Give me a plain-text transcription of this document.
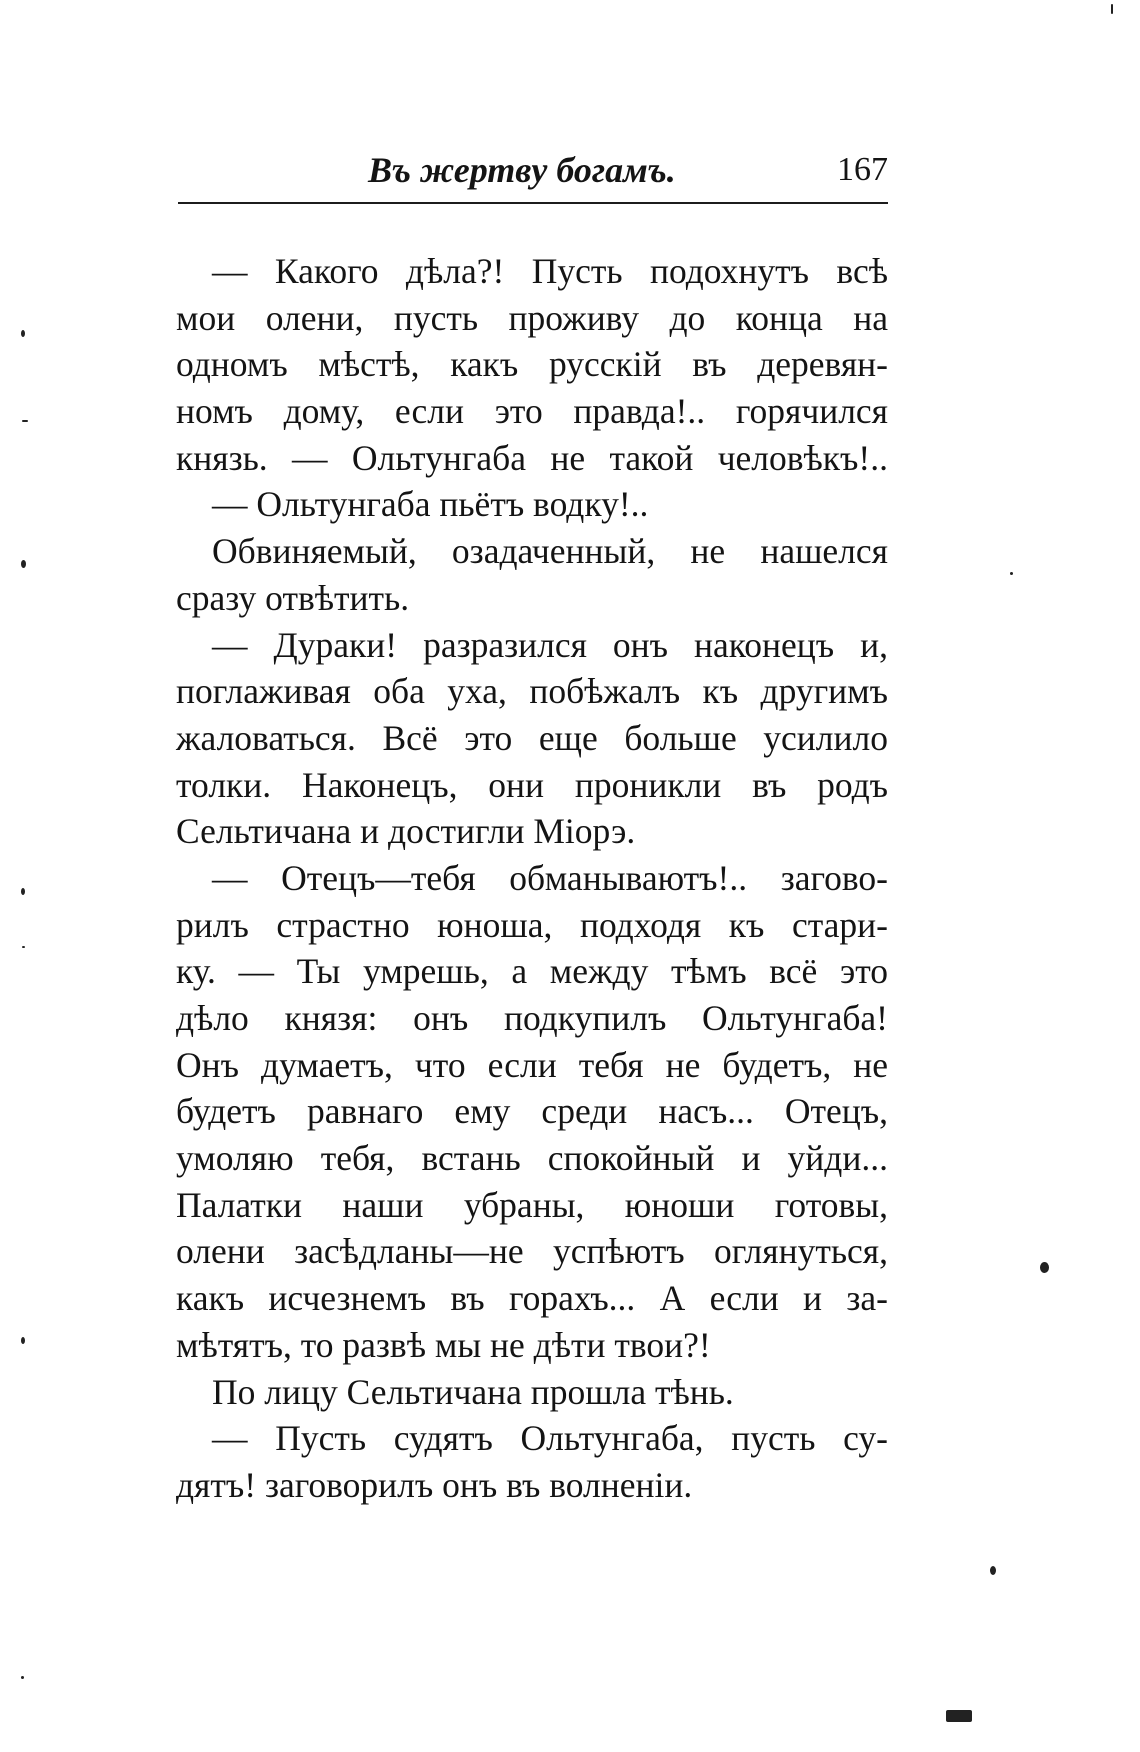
Въ жертву богамъ.	167
— Какого дѣла?! Пусть подохнутъ всѣ
мои олени, пусть проживу до конца на
одномъ мѣстѣ, какъ русскій въ деревян-
номъ дому, если это правда!.. горячился
князь. — Ольтунгаба не такой человѣкъ!..
— Ольтунгаба пьётъ водку!..
Обвиняемый, озадаченный, не нашелся
сразу отвѣтить.
— Дураки! разразился онъ наконецъ и,
поглаживая оба уха, побѣжалъ къ другимъ
жаловаться. Всё это еще больше усилило
толки. Наконецъ, они проникли въ родъ
Сельтичана и достигли Міорэ.
— Отецъ—тебя обманываютъ!.. загово-
рилъ страстно юноша, подходя къ стари-
ку. — Ты умрешь, а между тѣмъ всё это
дѣло князя: онъ подкупилъ Ольтунгаба!
Онъ думаетъ, что если тебя не будетъ, не
будетъ равнаго ему среди насъ... Отецъ,
умоляю тебя, встань спокойный и уйди...
Палатки наши убраны, юноши готовы,
олени засѣдланы—не успѣютъ оглянуться,
какъ исчезнемъ въ горахъ... А если и за-
мѣтятъ, то развѣ мы не дѣти твои?!
По лицу Сельтичана прошла тѣнь.
— Пусть судятъ Ольтунгаба, пусть су-
дятъ! заговорилъ онъ въ волненіи.
